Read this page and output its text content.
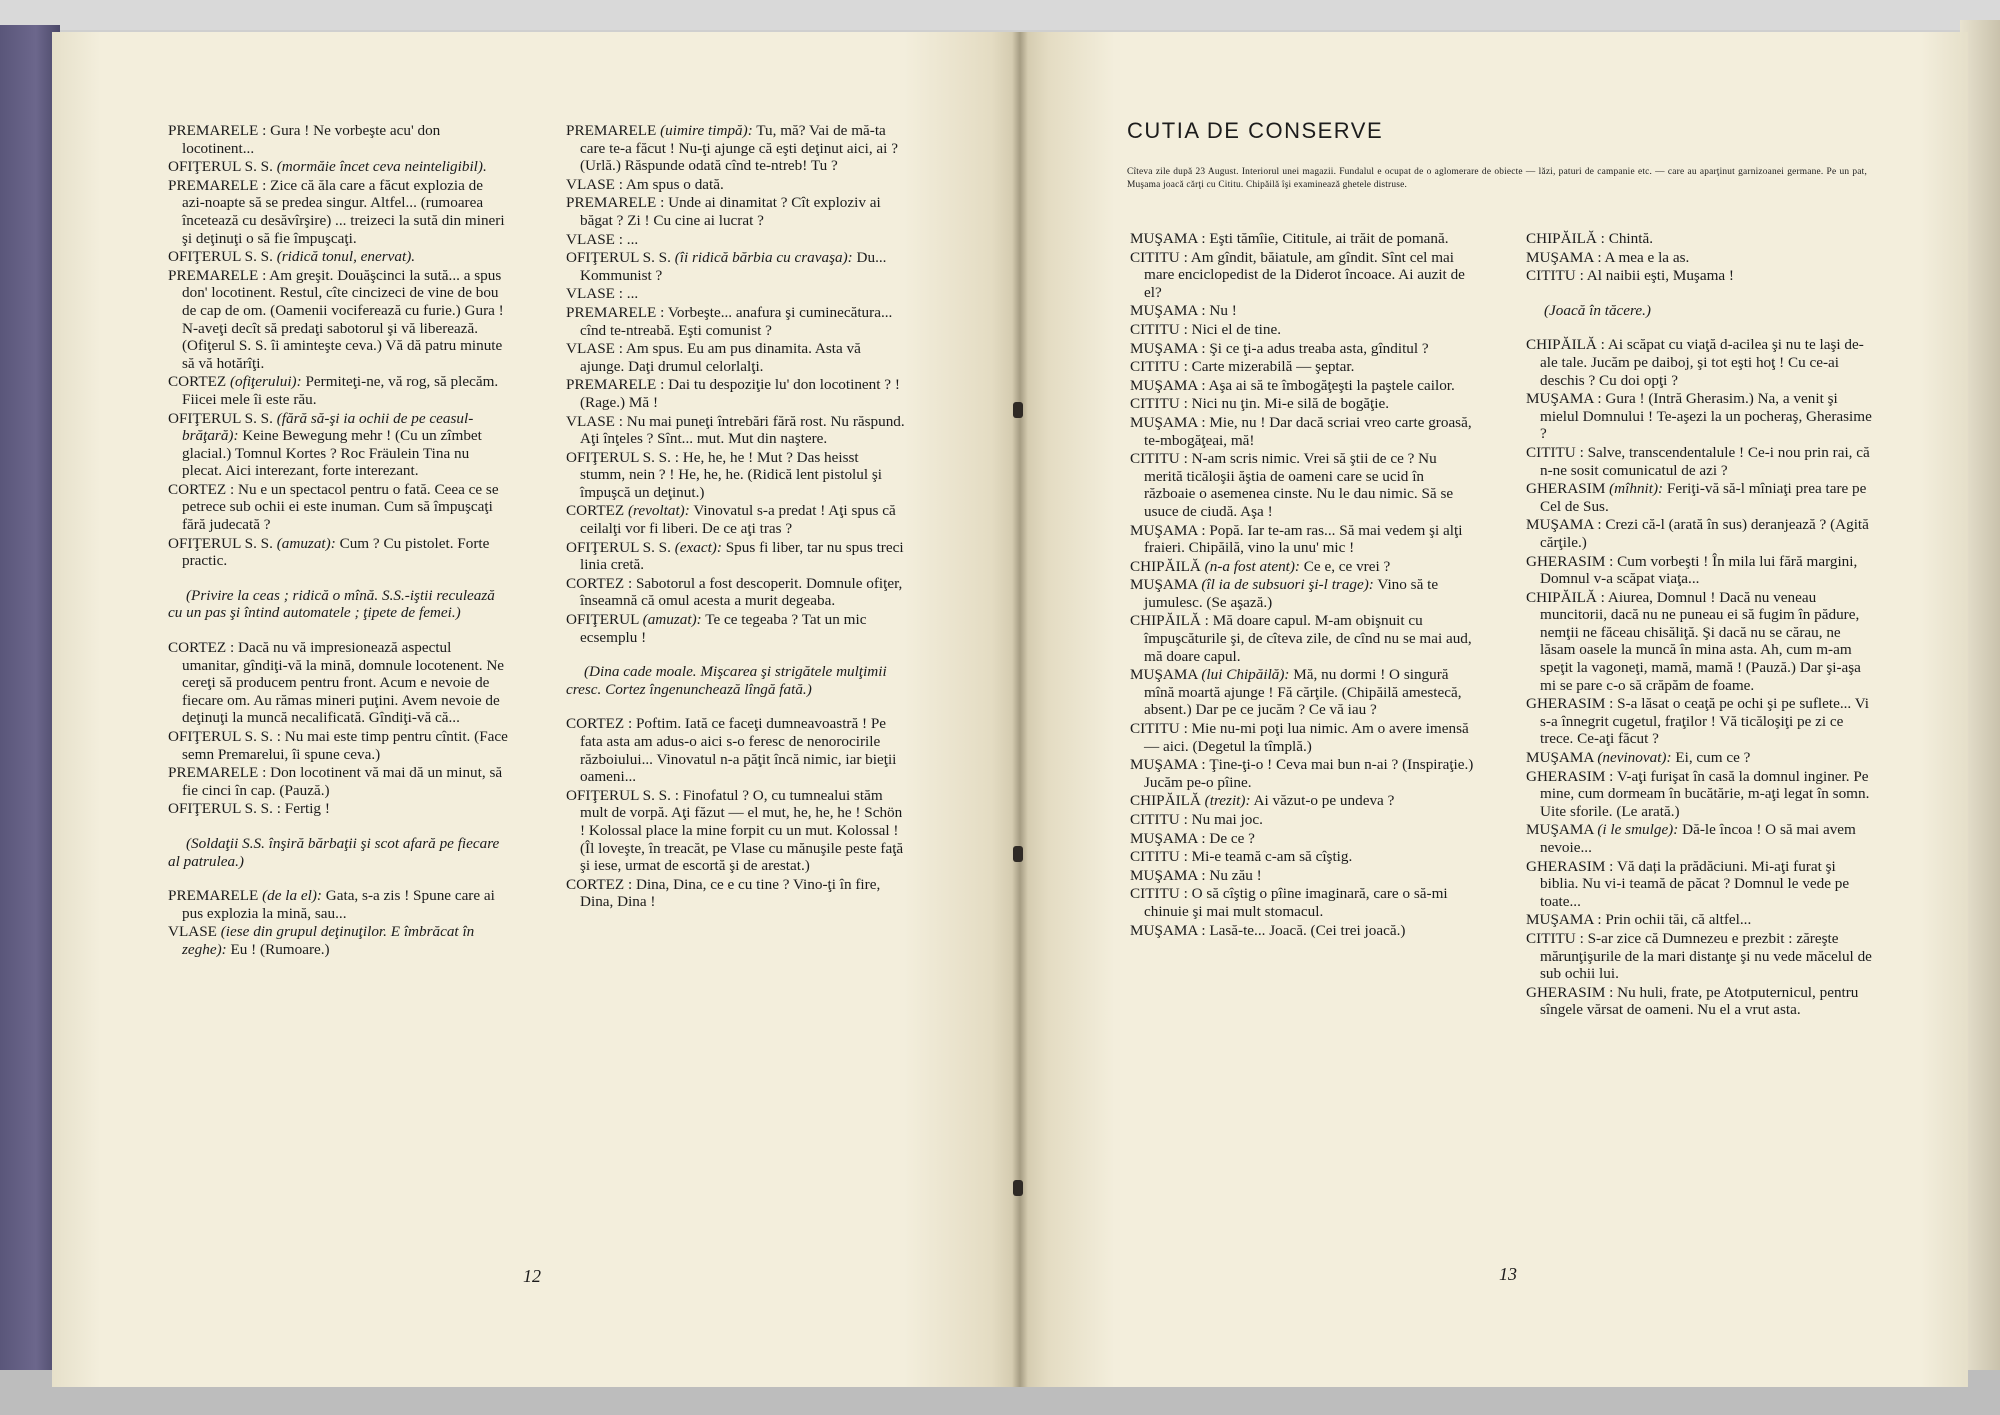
PREMARELE : Gura ! Ne vorbeşte acu' don locotinent...

OFIŢERUL S. S. (mormăie încet ceva neinteligibil).

PREMARELE : Zice că ăla care a făcut explozia de azi-noapte să se predea singur. Altfel... (rumoarea încetează cu desăvîrşire) ... treizeci la sută din mineri şi deţinuţi o să fie împuşcaţi.

OFIŢERUL S. S. (ridică tonul, enervat).

PREMARELE : Am greşit. Douăşcinci la sută... a spus don' locotinent. Restul, cîte cincizeci de vine de bou de cap de om. (Oamenii vociferează cu furie.) Gura ! N-aveţi decît să predaţi sabotorul şi vă liberează. (Ofiţerul S. S. îi aminteşte ceva.) Vă dă patru minute să vă hotărîţi.

CORTEZ (ofiţerului): Permiteţi-ne, vă rog, să plecăm. Fiicei mele îi este rău.

OFIŢERUL S. S. (fără să-şi ia ochii de pe ceasul-brăţară): Keine Bewegung mehr ! (Cu un zîmbet glacial.) Tomnul Kortes ? Roc Fräulein Tina nu plecat. Aici interezant, forte interezant.

CORTEZ : Nu e un spectacol pentru o fată. Ceea ce se petrece sub ochii ei este inuman. Cum să împuşcaţi fără judecată ?

OFIŢERUL S. S. (amuzat): Cum ? Cu pistolet. Forte practic.

(Privire la ceas ; ridică o mînă. S.S.-iştii reculează cu un pas şi întind automatele ; ţipete de femei.)

CORTEZ : Dacă nu vă impresionează aspectul umanitar, gîndiţi-vă la mină, domnule locotenent. Ne cereţi să producem pentru front. Acum e nevoie de fiecare om. Au rămas mineri puţini. Avem nevoie de deţinuţi la muncă necalificată. Gîndiţi-vă că...

OFIŢERUL S. S. : Nu mai este timp pentru cîntit. (Face semn Premarelui, îi spune ceva.)

PREMARELE : Don locotinent vă mai dă un minut, să fie cinci în cap. (Pauză.)

OFIŢERUL S. S. : Fertig !

(Soldaţii S.S. înşiră bărbaţii şi scot afară pe fiecare al patrulea.)

PREMARELE (de la el): Gata, s-a zis ! Spune care ai pus explozia la mină, sau...

VLASE (iese din grupul deţinuţilor. E îmbrăcat în zeghe): Eu ! (Rumoare.)

PREMARELE (uimire timpă): Tu, mă? Vai de mă-ta care te-a făcut ! Nu-ţi ajunge că eşti deţinut aici, ai ? (Urlă.) Răspunde odată cînd te-ntreb! Tu ?

VLASE : Am spus o dată.

PREMARELE : Unde ai dinamitat ? Cît exploziv ai băgat ? Zi ! Cu cine ai lucrat ?

VLASE : ...

OFIŢERUL S. S. (îi ridică bărbia cu cravaşa): Du... Kommunist ?

VLASE : ...

PREMARELE : Vorbeşte... anafura şi cuminecătura... cînd te-ntreabă. Eşti comunist ?

VLASE : Am spus. Eu am pus dinamita. Asta vă ajunge. Daţi drumul celorlalţi.

PREMARELE : Dai tu despoziţie lu' don locotinent ? ! (Rage.) Mă !

VLASE : Nu mai puneţi întrebări fără rost. Nu răspund. Aţi înţeles ? Sînt... mut. Mut din naştere.

OFIŢERUL S. S. : He, he, he ! Mut ? Das heisst stumm, nein ? ! He, he, he. (Ridică lent pistolul şi împuşcă un deţinut.)

CORTEZ (revoltat): Vinovatul s-a predat ! Aţi spus că ceilalţi vor fi liberi. De ce aţi tras ?

OFIŢERUL S. S. (exact): Spus fi liber, tar nu spus treci linia cretă.

CORTEZ : Sabotorul a fost descoperit. Domnule ofiţer, înseamnă că omul acesta a murit degeaba.

OFIŢERUL (amuzat): Te ce tegeaba ? Tat un mic ecsemplu !

(Dina cade moale. Mişcarea şi strigătele mulţimii cresc. Cortez îngenunchează lîngă fată.)

CORTEZ : Poftim. Iată ce faceţi dumneavoastră ! Pe fata asta am adus-o aici s-o feresc de nenorocirile războiului... Vinovatul n-a păţit încă nimic, iar bieţii oameni...

OFIŢERUL S. S. : Finofatul ? O, cu tumnealui stăm mult de vorpă. Aţi făzut — el mut, he, he, he ! Schön ! Kolossal place la mine forpit cu un mut. Kolossal ! (Îl loveşte, în treacăt, pe Vlase cu mănuşile peste faţă şi iese, urmat de escortă şi de arestat.)

CORTEZ : Dina, Dina, ce e cu tine ? Vino-ţi în fire, Dina, Dina !

12
CUTIA DE CONSERVE
Cîteva zile după 23 August. Interiorul unei magazii. Fundalul e ocupat de o aglomerare de obiecte — lăzi, paturi de campanie etc. — care au aparţinut garnizoanei germane. Pe un pat, Muşama joacă cărţi cu Cititu. Chipăilă îşi examinează ghetele distruse.

MUŞAMA : Eşti tămîie, Cititule, ai trăit de pomană.

CITITU : Am gîndit, băiatule, am gîndit. Sînt cel mai mare enciclopedist de la Diderot încoace. Ai auzit de el?

MUŞAMA : Nu !

CITITU : Nici el de tine.

MUŞAMA : Şi ce ţi-a adus treaba asta, gînditul ?

CITITU : Carte mizerabilă — şeptar.

MUŞAMA : Aşa ai să te îmbogăţeşti la paştele cailor.

CITITU : Nici nu ţin. Mi-e silă de bogăţie.

MUŞAMA : Mie, nu ! Dar dacă scriai vreo carte groasă, te-mbogăţeai, mă!

CITITU : N-am scris nimic. Vrei să ştii de ce ? Nu merită ticăloşii ăştia de oameni care se ucid în războaie o asemenea cinste. Nu le dau nimic. Să se usuce de ciudă. Aşa !

MUŞAMA : Popă. Iar te-am ras... Să mai vedem şi alţi fraieri. Chipăilă, vino la unu' mic !

CHIPĂILĂ (n-a fost atent): Ce e, ce vrei ?

MUŞAMA (îl ia de subsuori şi-l trage): Vino să te jumulesc. (Se aşază.)

CHIPĂILĂ : Mă doare capul. M-am obişnuit cu împuşcăturile şi, de cîteva zile, de cînd nu se mai aud, mă doare capul.

MUŞAMA (lui Chipăilă): Mă, nu dormi ! O singură mînă moartă ajunge ! Fă cărţile. (Chipăilă amestecă, absent.) Dar pe ce jucăm ? Ce vă iau ?

CITITU : Mie nu-mi poţi lua nimic. Am o avere imensă — aici. (Degetul la tîmplă.)

MUŞAMA : Ţine-ţi-o ! Ceva mai bun n-ai ? (Inspiraţie.) Jucăm pe-o pîine.

CHIPĂILĂ (trezit): Ai văzut-o pe undeva ?

CITITU : Nu mai joc.

MUŞAMA : De ce ?

CITITU : Mi-e teamă c-am să cîştig.

MUŞAMA : Nu zău !

CITITU : O să cîştig o pîine imaginară, care o să-mi chinuie şi mai mult stomacul.

MUŞAMA : Lasă-te... Joacă. (Cei trei joacă.)

CHIPĂILĂ : Chintă.

MUŞAMA : A mea e la as.

CITITU : Al naibii eşti, Muşama !

(Joacă în tăcere.)

CHIPĂILĂ : Ai scăpat cu viaţă d-acilea şi nu te laşi de-ale tale. Jucăm pe daiboj, şi tot eşti hoţ ! Cu ce-ai deschis ? Cu doi opţi ?

MUŞAMA : Gura ! (Intră Gherasim.) Na, a venit şi mielul Domnului ! Te-aşezi la un pocheraş, Gherasime ?

CITITU : Salve, transcendentalule ! Ce-i nou prin rai, că n-ne sosit comunicatul de azi ?

GHERASIM (mîhnit): Feriţi-vă să-l mîniaţi prea tare pe Cel de Sus.

MUŞAMA : Crezi că-l (arată în sus) deranjează ? (Agită cărţile.)

GHERASIM : Cum vorbeşti ! În mila lui fără margini, Domnul v-a scăpat viaţa...

CHIPĂILĂ : Aiurea, Domnul ! Dacă nu veneau muncitorii, dacă nu ne puneau ei să fugim în pădure, nemţii ne făceau chisăliţă. Şi dacă nu se cărau, ne lăsam oasele la muncă în mina asta. Ah, cum m-am speţit la vagoneţi, mamă, mamă ! (Pauză.) Dar şi-aşa mi se pare c-o să crăpăm de foame.

GHERASIM : S-a lăsat o ceaţă pe ochi şi pe suflete... Vi s-a înnegrit cugetul, fraţilor ! Vă ticăloşiţi pe zi ce trece. Ce-aţi făcut ?

MUŞAMA (nevinovat): Ei, cum ce ?

GHERASIM : V-aţi furişat în casă la domnul inginer. Pe mine, cum dormeam în bucătărie, m-aţi legat în somn. Uite sforile. (Le arată.)

MUŞAMA (i le smulge): Dă-le încoa ! O să mai avem nevoie...

GHERASIM : Vă dați la prădăciuni. Mi-aţi furat şi biblia. Nu vi-i teamă de păcat ? Domnul le vede pe toate...

MUŞAMA : Prin ochii tăi, că altfel...

CITITU : S-ar zice că Dumnezeu e prezbit : zăreşte mărunţişurile de la mari distanţe şi nu vede măcelul de sub ochii lui.

GHERASIM : Nu huli, frate, pe Atotputernicul, pentru sîngele vărsat de oameni. Nu el a vrut asta.

13
